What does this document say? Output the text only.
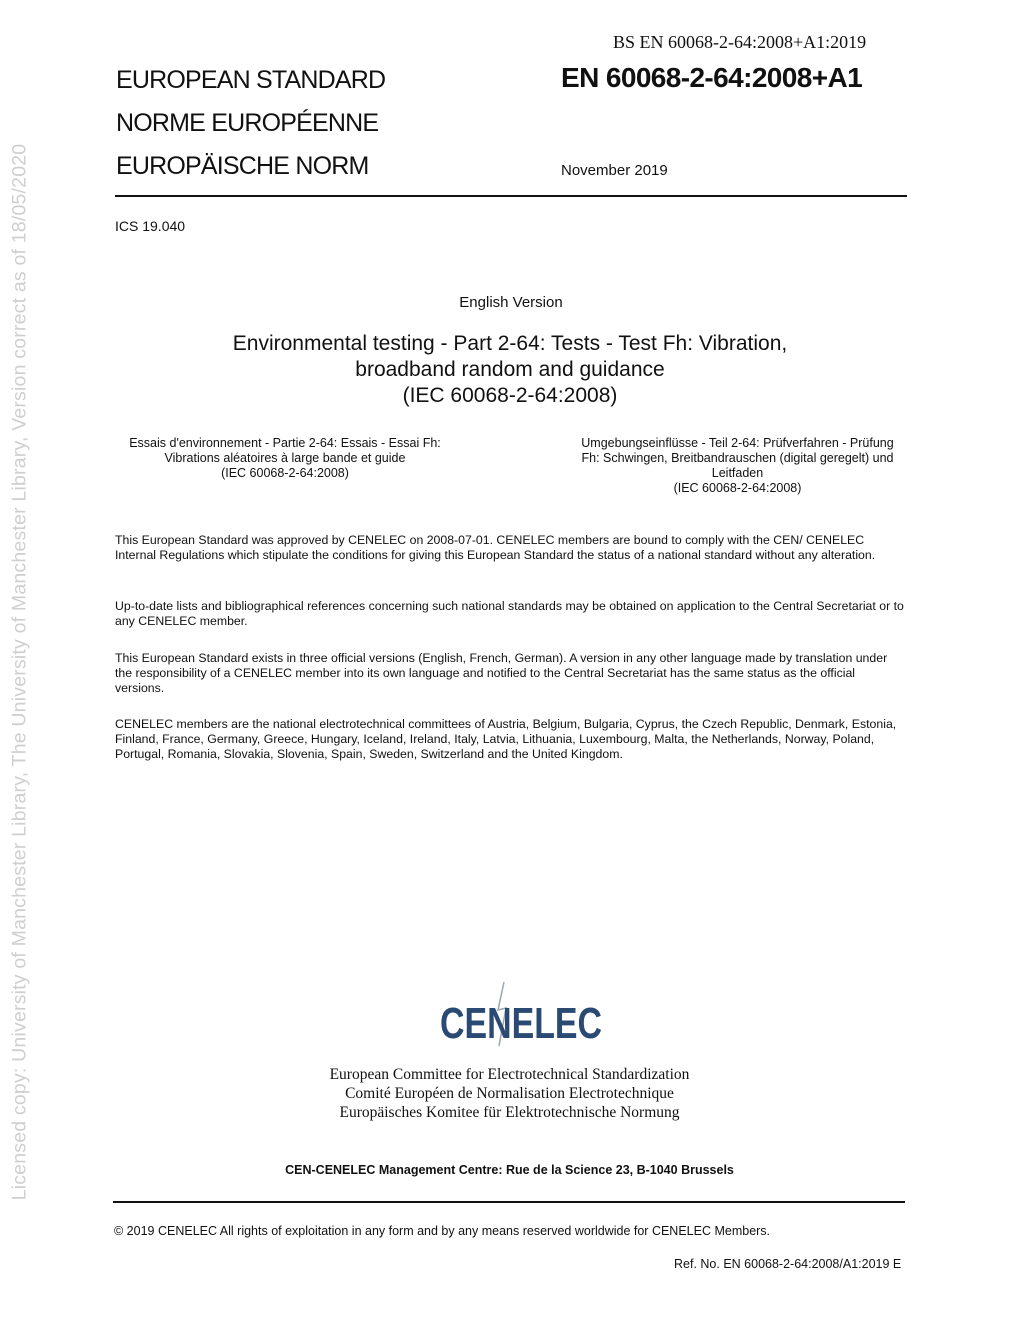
Licensed copy: University of Manchester Library, The University of Manchester Library, Version correct as of 18/05/2020
BS EN 60068-2-64:2008+A1:2019
EUROPEAN STANDARD
NORME EUROPÉENNE
EUROPÄISCHE NORM
EN 60068-2-64:2008+A1
November 2019
ICS 19.040
English Version
Environmental testing - Part 2-64: Tests - Test Fh: Vibration,
broadband random and guidance
(IEC 60068-2-64:2008)
Essais d'environnement - Partie 2-64: Essais - Essai Fh:
Vibrations aléatoires à large bande et guide
(IEC 60068-2-64:2008)
Umgebungseinflüsse - Teil 2-64: Prüfverfahren - Prüfung
Fh: Schwingen, Breitbandrauschen (digital geregelt) und
Leitfaden
(IEC 60068-2-64:2008)
This European Standard was approved by CENELEC on 2008-07-01. CENELEC members are bound to comply with the CEN/ CENELEC Internal Regulations which stipulate the conditions for giving this European Standard the status of a national standard without any alteration.
Up-to-date lists and bibliographical references concerning such national standards may be obtained on application to the Central Secretariat or to any CENELEC member.
This European Standard exists in three official versions (English, French, German). A version in any other language made by translation under the responsibility of a CENELEC member into its own language and notified to the Central Secretariat has the same status as the official versions.
CENELEC members are the national electrotechnical committees of Austria, Belgium, Bulgaria, Cyprus, the Czech Republic, Denmark, Estonia, Finland, France, Germany, Greece, Hungary, Iceland, Ireland, Italy, Latvia, Lithuania, Luxembourg, Malta, the Netherlands, Norway, Poland, Portugal, Romania, Slovakia, Slovenia, Spain, Sweden, Switzerland and the United Kingdom.
CENELEC
European Committee for Electrotechnical Standardization
Comité Européen de Normalisation Electrotechnique
Europäisches Komitee für Elektrotechnische Normung
CEN-CENELEC Management Centre: Rue de la Science 23, B-1040 Brussels
© 2019 CENELEC All rights of exploitation in any form and by any means reserved worldwide for CENELEC Members.
Ref. No. EN 60068-2-64:2008/A1:2019 E
